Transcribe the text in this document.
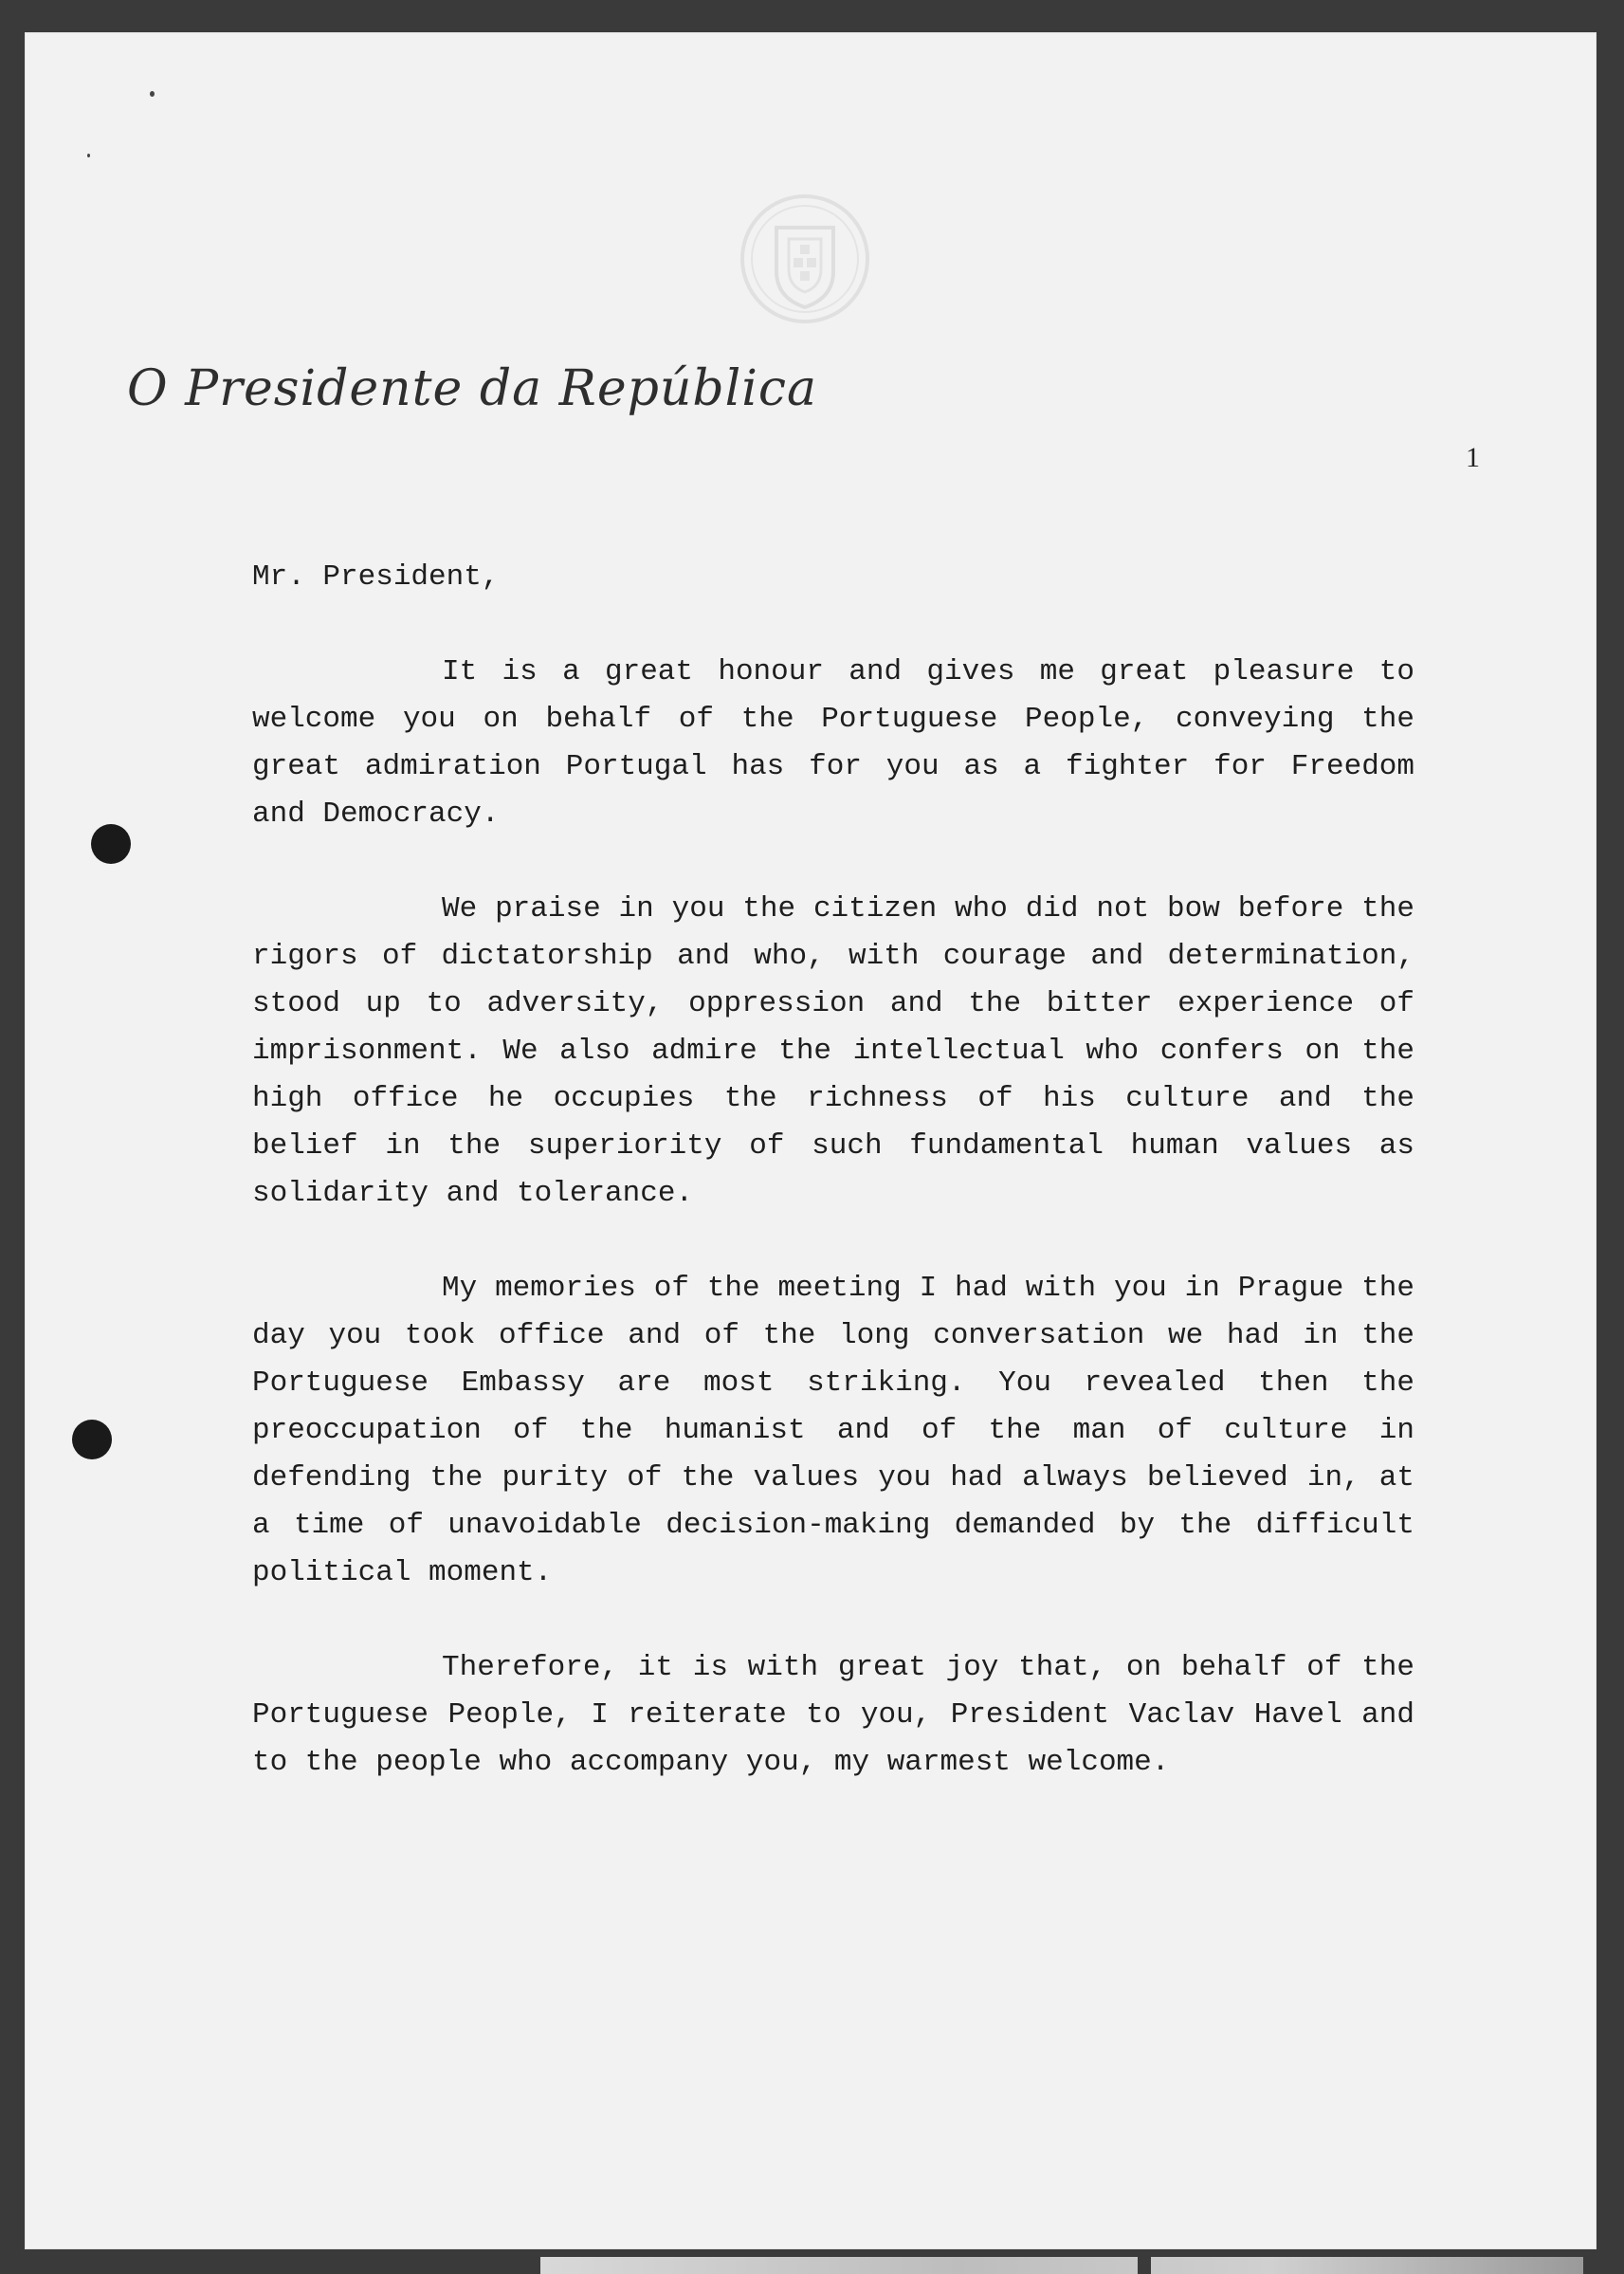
O Presidente da República
1

Mr. President,

It is a great honour and gives me great pleasure to welcome you on behalf of the Portuguese People, conveying the great admiration Portugal has for you as a fighter for Freedom and Democracy.

We praise in you the citizen who did not bow before the rigors of dictatorship and who, with courage and determination, stood up to adversity, oppression and the bitter experience of imprisonment. We also admire the intellectual who confers on the high office he occupies the richness of his culture and the belief in the superiority of such fundamental human values as solidarity and tolerance.

My memories of the meeting I had with you in Prague the day you took office and of the long conversation we had in the Portuguese Embassy are most striking. You revealed then the preoccupation of the humanist and of the man of culture in defending the purity of the values you had always believed in, at a time of unavoidable decision-making demanded by the difficult political moment.

Therefore, it is with great joy that, on behalf of the Portuguese People, I reiterate to you, President Vaclav Havel and to the people who accompany you, my warmest welcome.
